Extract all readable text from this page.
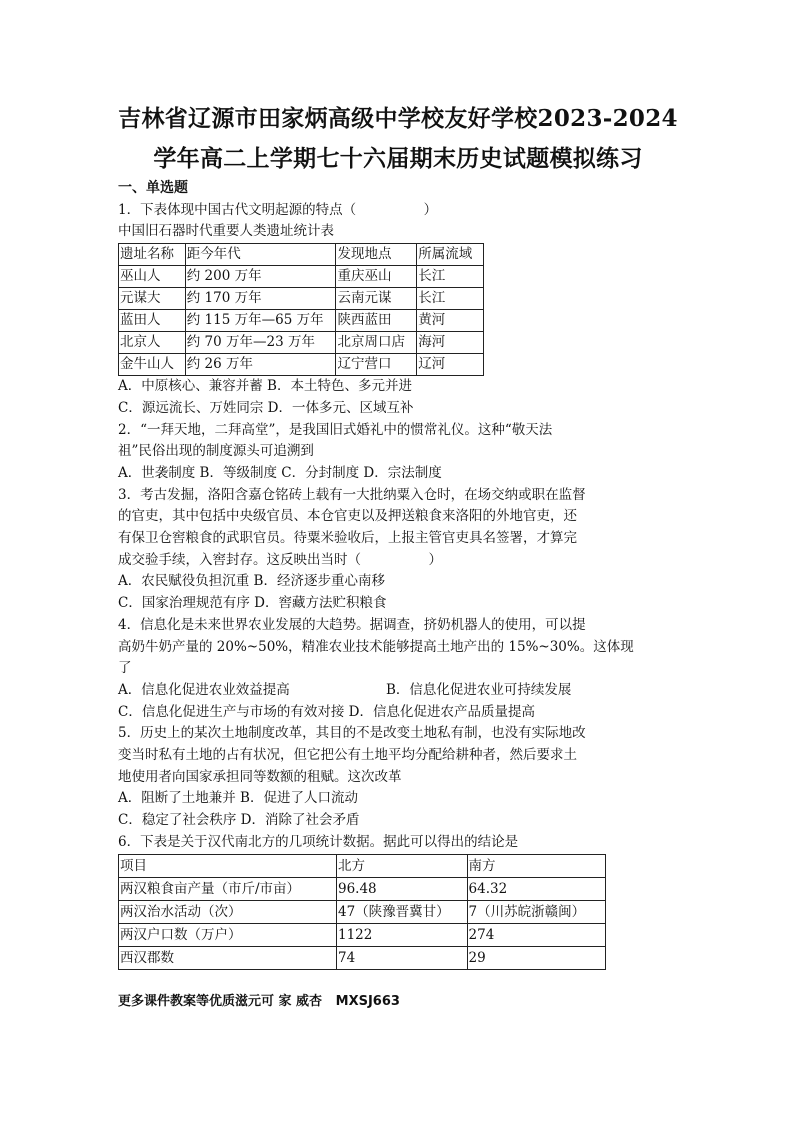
吉林省辽源市田家炳高级中学校友好学校2023-2024
学年高二上学期七十六届期末历史试题模拟练习
一、单选题
1．下表体现中国古代文明起源的特点（　　　　　）
中国旧石器时代重要人类遗址统计表
遗址名称	距今年代	发现地点	所属流域
巫山人	约 200 万年	重庆巫山	长江
元谋大	约 170 万年	云南元谋	长江
蓝田人	约 115 万年—65 万年	陕西蓝田	黄河
北京人	约 70 万年—23 万年	北京周口店	海河
金牛山人	约 26 万年	辽宁营口	辽河
A．中原核心、兼容并蓄 B．本土特色、多元并进
C．源远流长、万姓同宗 D．一体多元、区域互补
2．“一拜天地，二拜高堂”，是我国旧式婚礼中的惯常礼仪。这种“敬天法
祖”民俗出现的制度源头可追溯到
A．世袭制度 B．等级制度 C．分封制度 D．宗法制度
3．考古发掘，洛阳含嘉仓铭砖上载有一大批纳粟入仓时，在场交纳或职在监督
的官吏，其中包括中央级官员、本仓官吏以及押送粮食来洛阳的外地官吏，还
有保卫仓窖粮食的武职官员。待粟米验收后，上报主管官吏具名签署，才算完
成交验手续，入窖封存。这反映出当时（　　　　　）
A．农民赋役负担沉重 B．经济逐步重心南移
C．国家治理规范有序 D．窖藏方法贮积粮食
4．信息化是未来世界农业发展的大趋势。据调查，挤奶机器人的使用，可以提
高奶牛奶产量的 20%~50%，精准农业技术能够提高土地产出的 15%~30%。这体现
了
A．信息化促进农业效益提高	B．信息化促进农业可持续发展
C．信息化促进生产与市场的有效对接 D．信息化促进农产品质量提高
5．历史上的某次土地制度改革，其目的不是改变土地私有制，也没有实际地改
变当时私有土地的占有状况，但它把公有土地平均分配给耕种者，然后要求土
地使用者向国家承担同等数额的租赋。这次改革
A．阻断了土地兼并 B．促进了人口流动
C．稳定了社会秩序 D．消除了社会矛盾
6．下表是关于汉代南北方的几项统计数据。据此可以得出的结论是
项目	北方	南方
两汉粮食亩产量（市斤/市亩）	96.48	64.32
两汉治水活动（次）	47（陕豫晋冀甘）	7（川苏皖浙赣闽）
两汉户口数（万户）	1122	274
西汉郡数	74	29
更多课件教案等优质滋元可 家 威杏   MXSJ663
